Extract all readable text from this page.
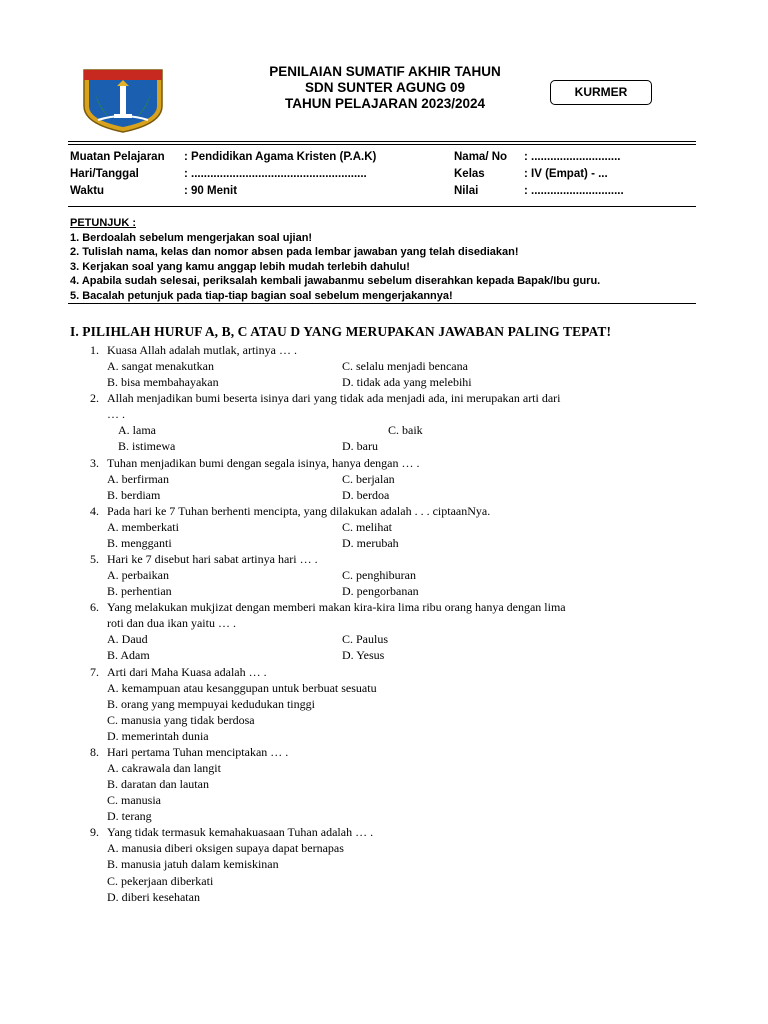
PENILAIAN SUMATIF AKHIR TAHUN
SDN SUNTER AGUNG 09
TAHUN PELAJARAN 2023/2024
KURMER
Muatan Pelajaran : Pendidikan Agama Kristen (P.A.K)	Nama/ No : ............................
Hari/Tanggal	: .......................................................	Kelas	: IV (Empat) - ...
Waktu	: 90 Menit	Nilai	: .............................
PETUNJUK :
1. Berdoalah sebelum mengerjakan soal ujian!
2. Tulislah nama, kelas dan nomor absen pada lembar jawaban yang telah disediakan!
3. Kerjakan soal yang kamu anggap lebih mudah terlebih dahulu!
4. Apabila sudah selesai, periksalah kembali jawabanmu sebelum diserahkan kepada Bapak/Ibu guru.
5. Bacalah petunjuk pada tiap-tiap bagian soal sebelum mengerjakannya!
I. PILIHLAH HURUF A, B, C ATAU D YANG MERUPAKAN JAWABAN PALING TEPAT!
1. Kuasa Allah adalah mutlak, artinya … .
A. sangat menakutkan	C. selalu menjadi bencana
B. bisa membahayakan	D. tidak ada yang melebihi
2. Allah menjadikan bumi beserta isinya dari yang tidak ada menjadi ada, ini merupakan arti dari
… .
A. lama	C. baik
B. istimewa	D. baru
3. Tuhan menjadikan bumi dengan segala isinya, hanya dengan … .
A. berfirman	C. berjalan
B. berdiam	D. berdoa
4. Pada hari ke 7 Tuhan berhenti mencipta, yang dilakukan adalah . . . ciptaanNya.
A. memberkati	C. melihat
B. mengganti	D. merubah
5. Hari ke 7 disebut hari sabat artinya hari … .
A. perbaikan	C. penghiburan
B. perhentian	D. pengorbanan
6. Yang melakukan mukjizat dengan memberi makan kira-kira lima ribu orang hanya dengan lima
roti dan dua ikan yaitu … .
A. Daud	C. Paulus
B. Adam	D. Yesus
7. Arti dari Maha Kuasa adalah … .
A. kemampuan atau kesanggupan untuk berbuat sesuatu
B. orang yang mempuyai kedudukan tinggi
C. manusia yang tidak berdosa
D. memerintah dunia
8. Hari pertama Tuhan menciptakan … .
A. cakrawala dan langit
B. daratan dan lautan
C. manusia
D. terang
9. Yang tidak termasuk kemahakuasaan Tuhan adalah … .
A. manusia diberi oksigen supaya dapat bernapas
B. manusia jatuh dalam kemiskinan
C. pekerjaan diberkati
D. diberi kesehatan
